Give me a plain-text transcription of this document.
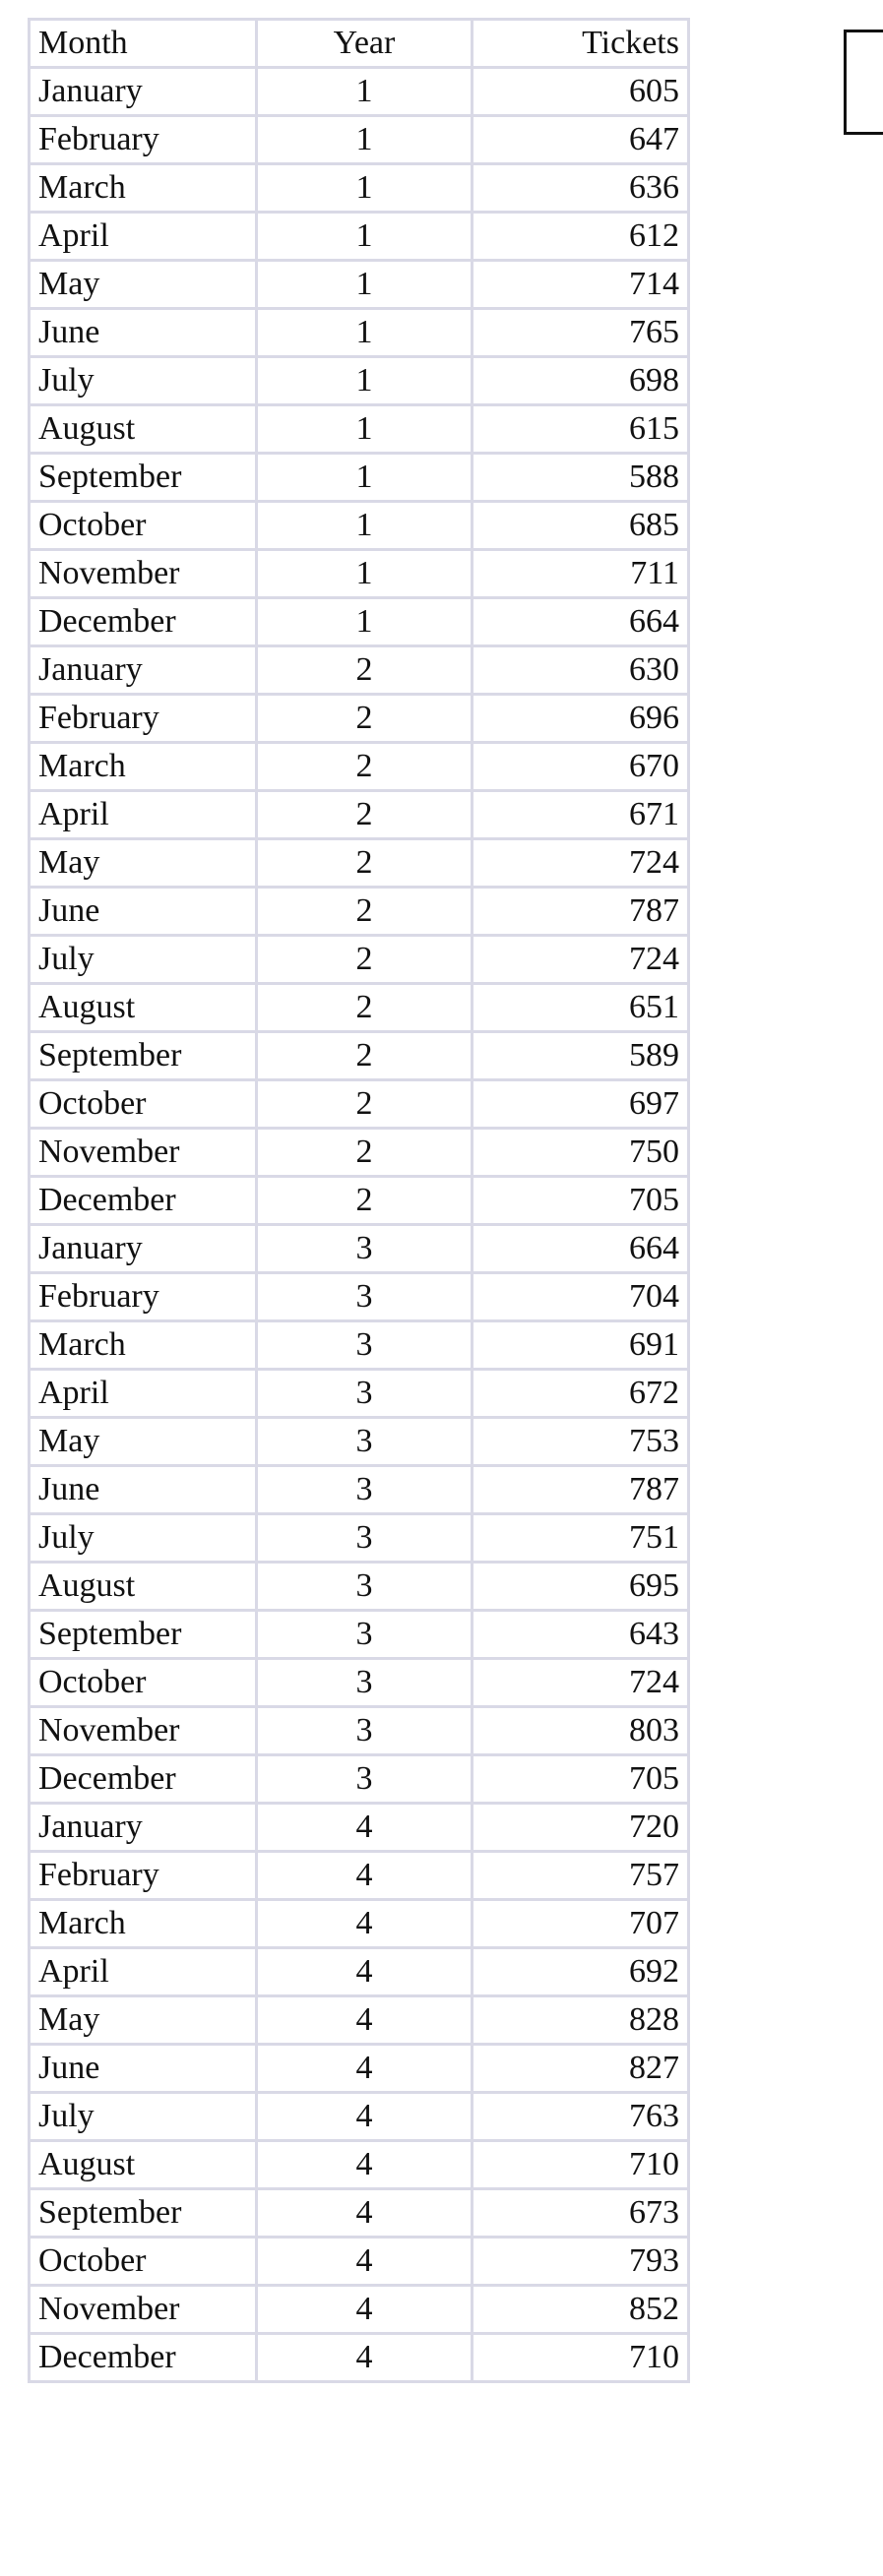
Month	Year	Tickets
January	1	605
February	1	647
March	1	636
April	1	612
May	1	714
June	1	765
July	1	698
August	1	615
September	1	588
October	1	685
November	1	711
December	1	664
January	2	630
February	2	696
March	2	670
April	2	671
May	2	724
June	2	787
July	2	724
August	2	651
September	2	589
October	2	697
November	2	750
December	2	705
January	3	664
February	3	704
March	3	691
April	3	672
May	3	753
June	3	787
July	3	751
August	3	695
September	3	643
October	3	724
November	3	803
December	3	705
January	4	720
February	4	757
March	4	707
April	4	692
May	4	828
June	4	827
July	4	763
August	4	710
September	4	673
October	4	793
November	4	852
December	4	710
